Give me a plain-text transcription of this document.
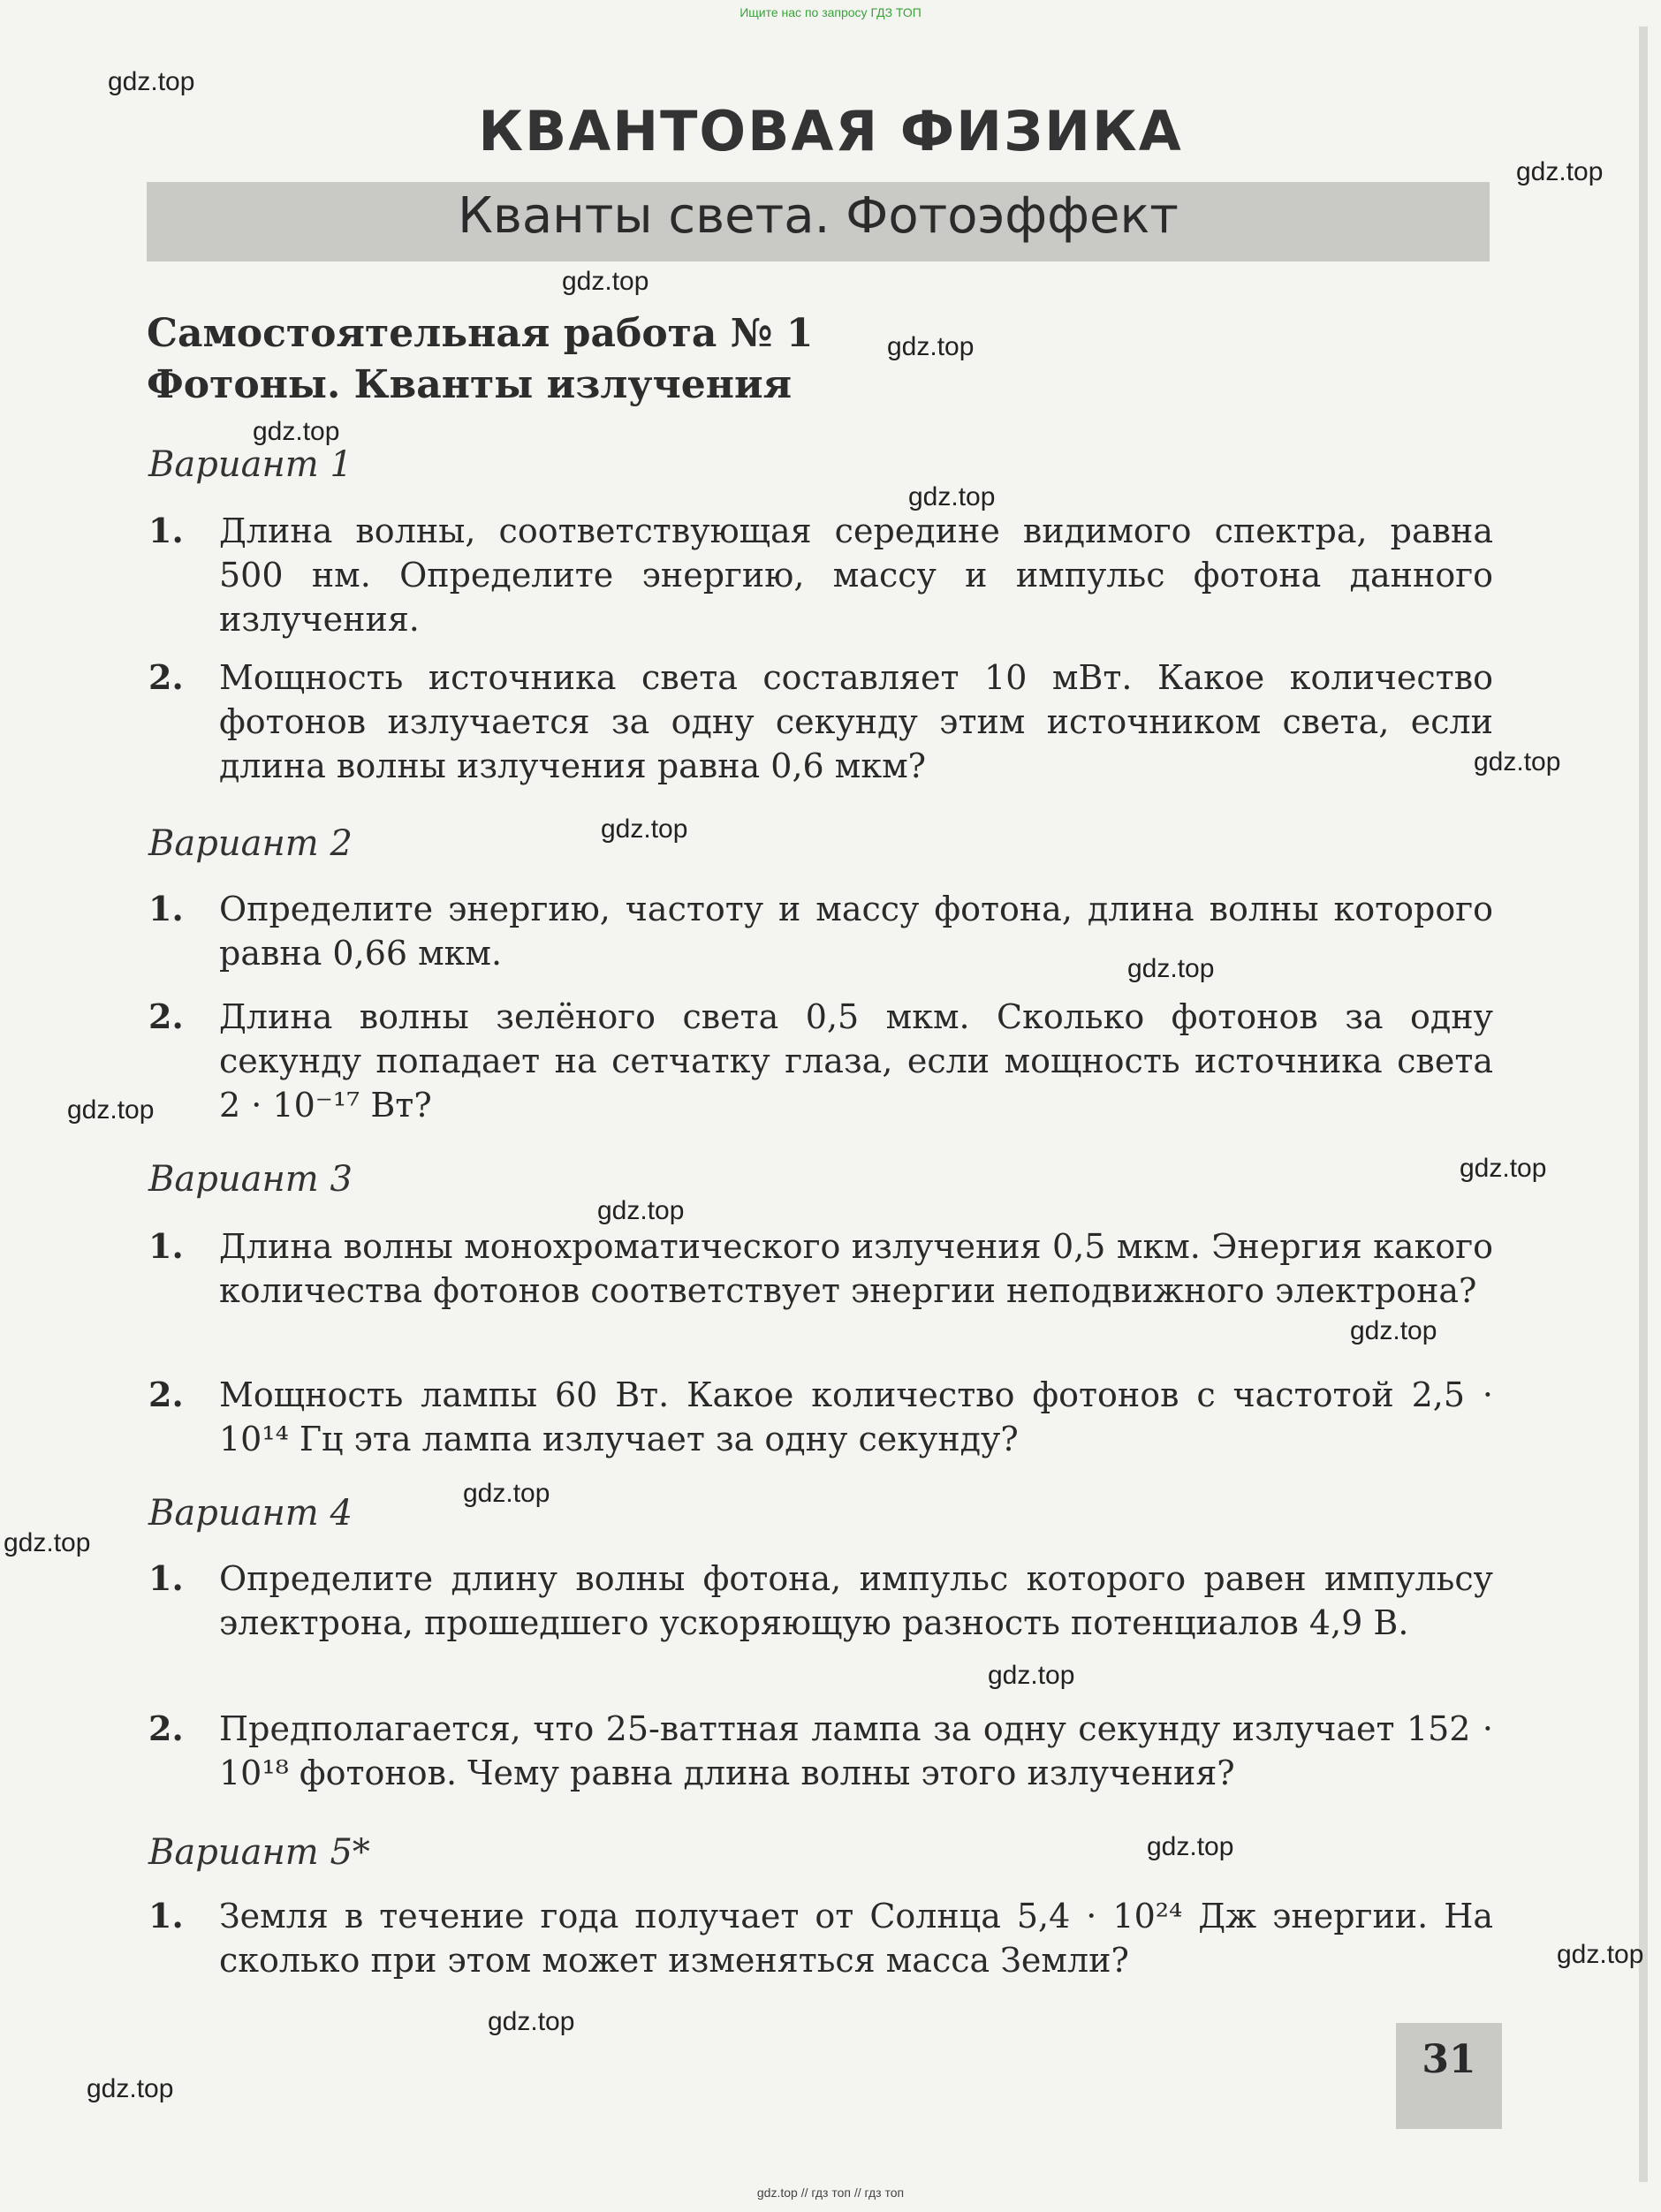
Ищите нас по запросу ГДЗ ТОП
КВАНТОВАЯ ФИЗИКА
Кванты света. Фотоэффект
Самостоятельная работа № 1
Фотоны. Кванты излучения
Вариант 1
1. Длина волны, соответствующая середине видимого спектра, равна 500 нм. Определите энергию, массу и импульс фотона данного излучения.
2. Мощность источника света составляет 10 мВт. Какое количество фотонов излучается за одну секунду этим источником света, если длина волны излучения равна 0,6 мкм?
Вариант 2
1. Определите энергию, частоту и массу фотона, длина волны которого равна 0,66 мкм.
2. Длина волны зелёного света 0,5 мкм. Сколько фотонов за одну секунду попадает на сетчатку глаза, если мощность источника света 2 · 10⁻¹⁷ Вт?
Вариант 3
1. Длина волны монохроматического излучения 0,5 мкм. Энергия какого количества фотонов соответствует энергии неподвижного электрона?
2. Мощность лампы 60 Вт. Какое количество фотонов с частотой 2,5 · 10¹⁴ Гц эта лампа излучает за одну секунду?
Вариант 4
1. Определите длину волны фотона, импульс которого равен импульсу электрона, прошедшего ускоряющую разность потенциалов 4,9 В.
2. Предполагается, что 25-ваттная лампа за одну секунду излучает 152 · 10¹⁸ фотонов. Чему равна длина волны этого излучения?
Вариант 5*
1. Земля в течение года получает от Солнца 5,4 · 10²⁴ Дж энергии. На сколько при этом может изменяться масса Земли?
31
gdz.top
gdz.top
gdz.top
gdz.top
gdz.top
gdz.top
gdz.top
gdz.top
gdz.top
gdz.top
gdz.top
gdz.top
gdz.top
gdz.top
gdz.top
gdz.top
gdz.top
gdz.top
gdz.top
gdz.top
gdz.top // гдз топ // гдз топ
